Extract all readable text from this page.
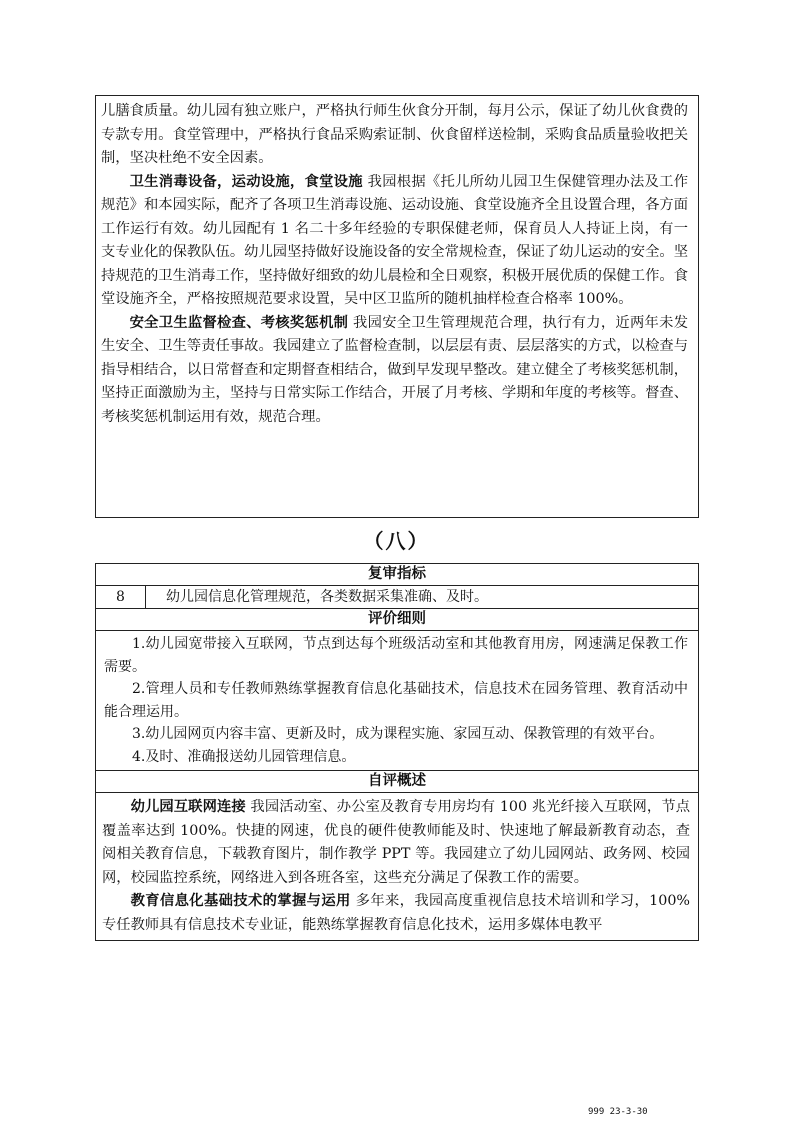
儿膳食质量。幼儿园有独立账户，严格执行师生伙食分开制，每月公示，保证了幼儿伙食费的专款专用。食堂管理中，严格执行食品采购索证制、伙食留样送检制，采购食品质量验收把关制，坚决杜绝不安全因素。

卫生消毒设备，运动设施，食堂设施 我园根据《托儿所幼儿园卫生保健管理办法及工作规范》和本园实际，配齐了各项卫生消毒设施、运动设施、食堂设施齐全且设置合理，各方面工作运行有效。幼儿园配有 1 名二十多年经验的专职保健老师，保育员人人持证上岗，有一支专业化的保教队伍。幼儿园坚持做好设施设备的安全常规检查，保证了幼儿运动的安全。坚持规范的卫生消毒工作，坚持做好细致的幼儿晨检和全日观察，积极开展优质的保健工作。食堂设施齐全，严格按照规范要求设置，吴中区卫监所的随机抽样检查合格率 100%。

安全卫生监督检查、考核奖惩机制 我园安全卫生管理规范合理，执行有力，近两年未发生安全、卫生等责任事故。我园建立了监督检查制，以层层有责、层层落实的方式，以检查与指导相结合，以日常督查和定期督查相结合，做到早发现早整改。建立健全了考核奖惩机制，坚持正面激励为主，坚持与日常实际工作结合，开展了月考核、学期和年度的考核等。督查、考核奖惩机制运用有效，规范合理。

（八）
复审指标
8	幼儿园信息化管理规范，各类数据采集准确、及时。
评价细则

1.幼儿园宽带接入互联网，节点到达每个班级活动室和其他教育用房，网速满足保教工作需要。

2.管理人员和专任教师熟练掌握教育信息化基础技术，信息技术在园务管理、教育活动中能合理运用。

3.幼儿园网页内容丰富、更新及时，成为课程实施、家园互动、保教管理的有效平台。

4.及时、准确报送幼儿园管理信息。

自评概述

幼儿园互联网连接 我园活动室、办公室及教育专用房均有 100 兆光纤接入互联网，节点覆盖率达到 100%。快捷的网速，优良的硬件使教师能及时、快速地了解最新教育动态，查阅相关教育信息，下载教育图片，制作教学 PPT 等。我园建立了幼儿园网站、政务网、校园网，校园监控系统，网络进入到各班各室，这些充分满足了保教工作的需要。

教育信息化基础技术的掌握与运用 多年来，我园高度重视信息技术培训和学习，100%专任教师具有信息技术专业证，能熟练掌握教育信息化技术，运用多媒体电教平

999 23-3-30
